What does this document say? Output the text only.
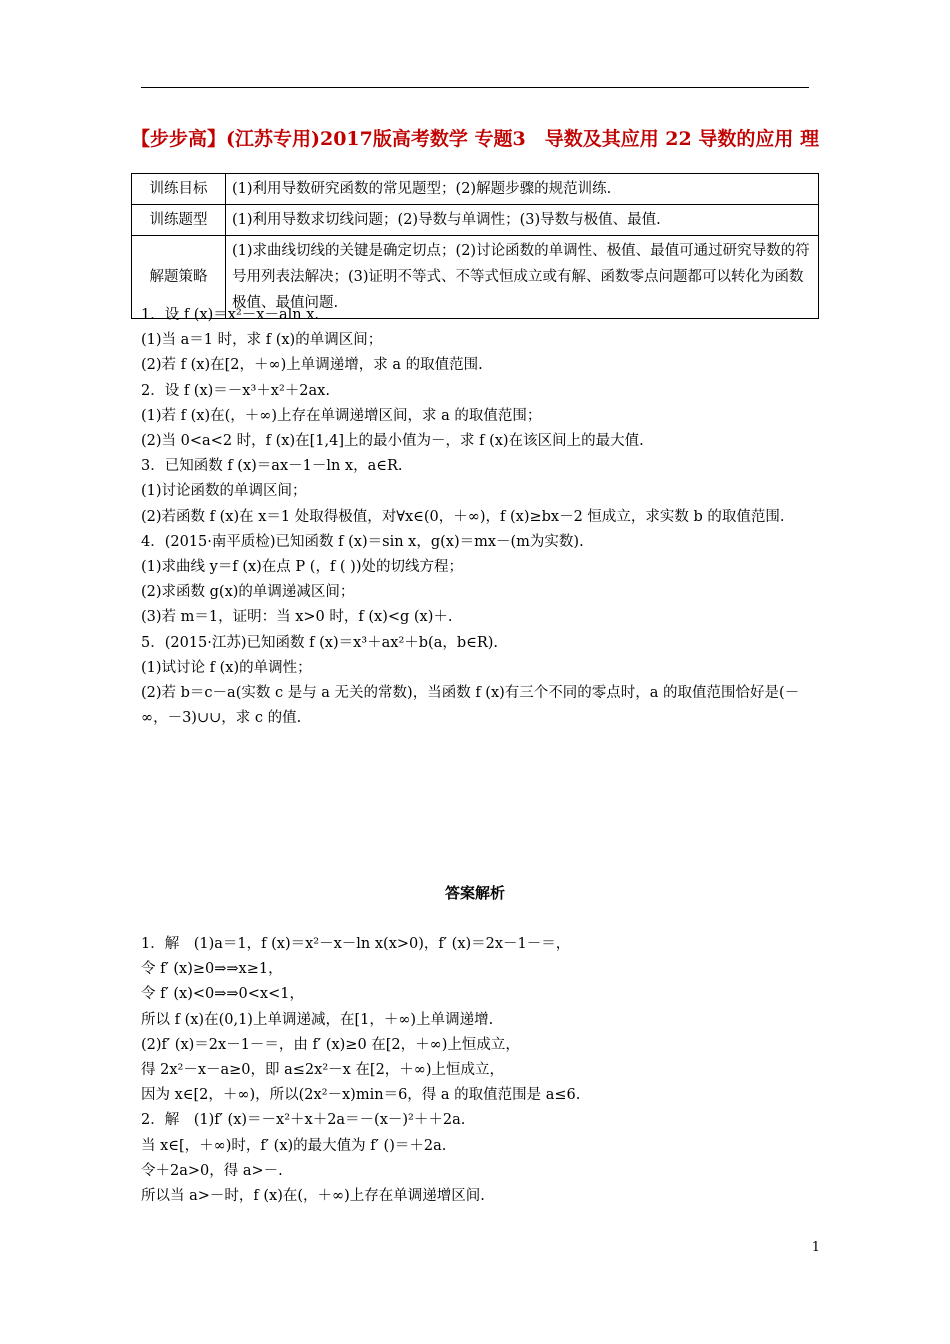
【步步高】(江苏专用)2017版高考数学 专题3　导数及其应用 22 导数的应用 理
训练目标	(1)利用导数研究函数的常见题型；(2)解题步骤的规范训练.
训练题型	(1)利用导数求切线问题；(2)导数与单调性；(3)导数与极值、最值.
解题策略	(1)求曲线切线的关键是确定切点；(2)讨论函数的单调性、极值、最值可通过研究导数的符号用列表法解决；(3)证明不等式、不等式恒成立或有解、函数零点问题都可以转化为函数极值、最值问题.

1．设 f (x)＝x²－x－aln x.

(1)当 a＝1 时，求 f (x)的单调区间；

(2)若 f (x)在[2，＋∞)上单调递增，求 a 的取值范围.

2．设 f (x)＝－x³＋x²＋2ax.

(1)若 f (x)在(，＋∞)上存在单调递增区间，求 a 的取值范围；

(2)当 0<a<2 时，f (x)在[1,4]上的最小值为－，求 f (x)在该区间上的最大值.

3．已知函数 f (x)＝ax－1－ln x，a∈R.

(1)讨论函数的单调区间；

(2)若函数 f (x)在 x＝1 处取得极值，对∀x∈(0，＋∞)，f (x)≥bx－2 恒成立，求实数 b 的取值范围.

4．(2015·南平质检)已知函数 f (x)＝sin x，g(x)＝mx－(m为实数).

(1)求曲线 y＝f (x)在点 P (，f ( ))处的切线方程；

(2)求函数 g(x)的单调递减区间；

(3)若 m＝1，证明：当 x>0 时，f (x)<g (x)＋.

5．(2015·江苏)已知函数 f (x)＝x³＋ax²＋b(a，b∈R).

(1)试讨论 f (x)的单调性；

(2)若 b＝c－a(实数 c 是与 a 无关的常数)，当函数 f (x)有三个不同的零点时，a 的取值范围恰好是(－∞，－3)∪∪，求 c 的值.

答案解析

1．解　(1)a＝1，f (x)＝x²－x－ln x(x>0)，f′ (x)＝2x－1－＝，

令 f′ (x)≥0⇒⇒x≥1，

令 f′ (x)<0⇒⇒0<x<1，

所以 f (x)在(0,1)上单调递减，在[1，＋∞)上单调递增.

(2)f′ (x)＝2x－1－＝，由 f′ (x)≥0 在[2，＋∞)上恒成立，

得 2x²－x－a≥0，即 a≤2x²－x 在[2，＋∞)上恒成立，

因为 x∈[2，＋∞)，所以(2x²－x)min＝6，得 a 的取值范围是 a≤6.

2．解　(1)f′ (x)＝－x²＋x＋2a＝－(x－)²＋＋2a.

当 x∈[，＋∞)时，f′ (x)的最大值为 f′ ()＝＋2a.

令＋2a>0，得 a>－.

所以当 a>－时，f (x)在(，＋∞)上存在单调递增区间.

1
